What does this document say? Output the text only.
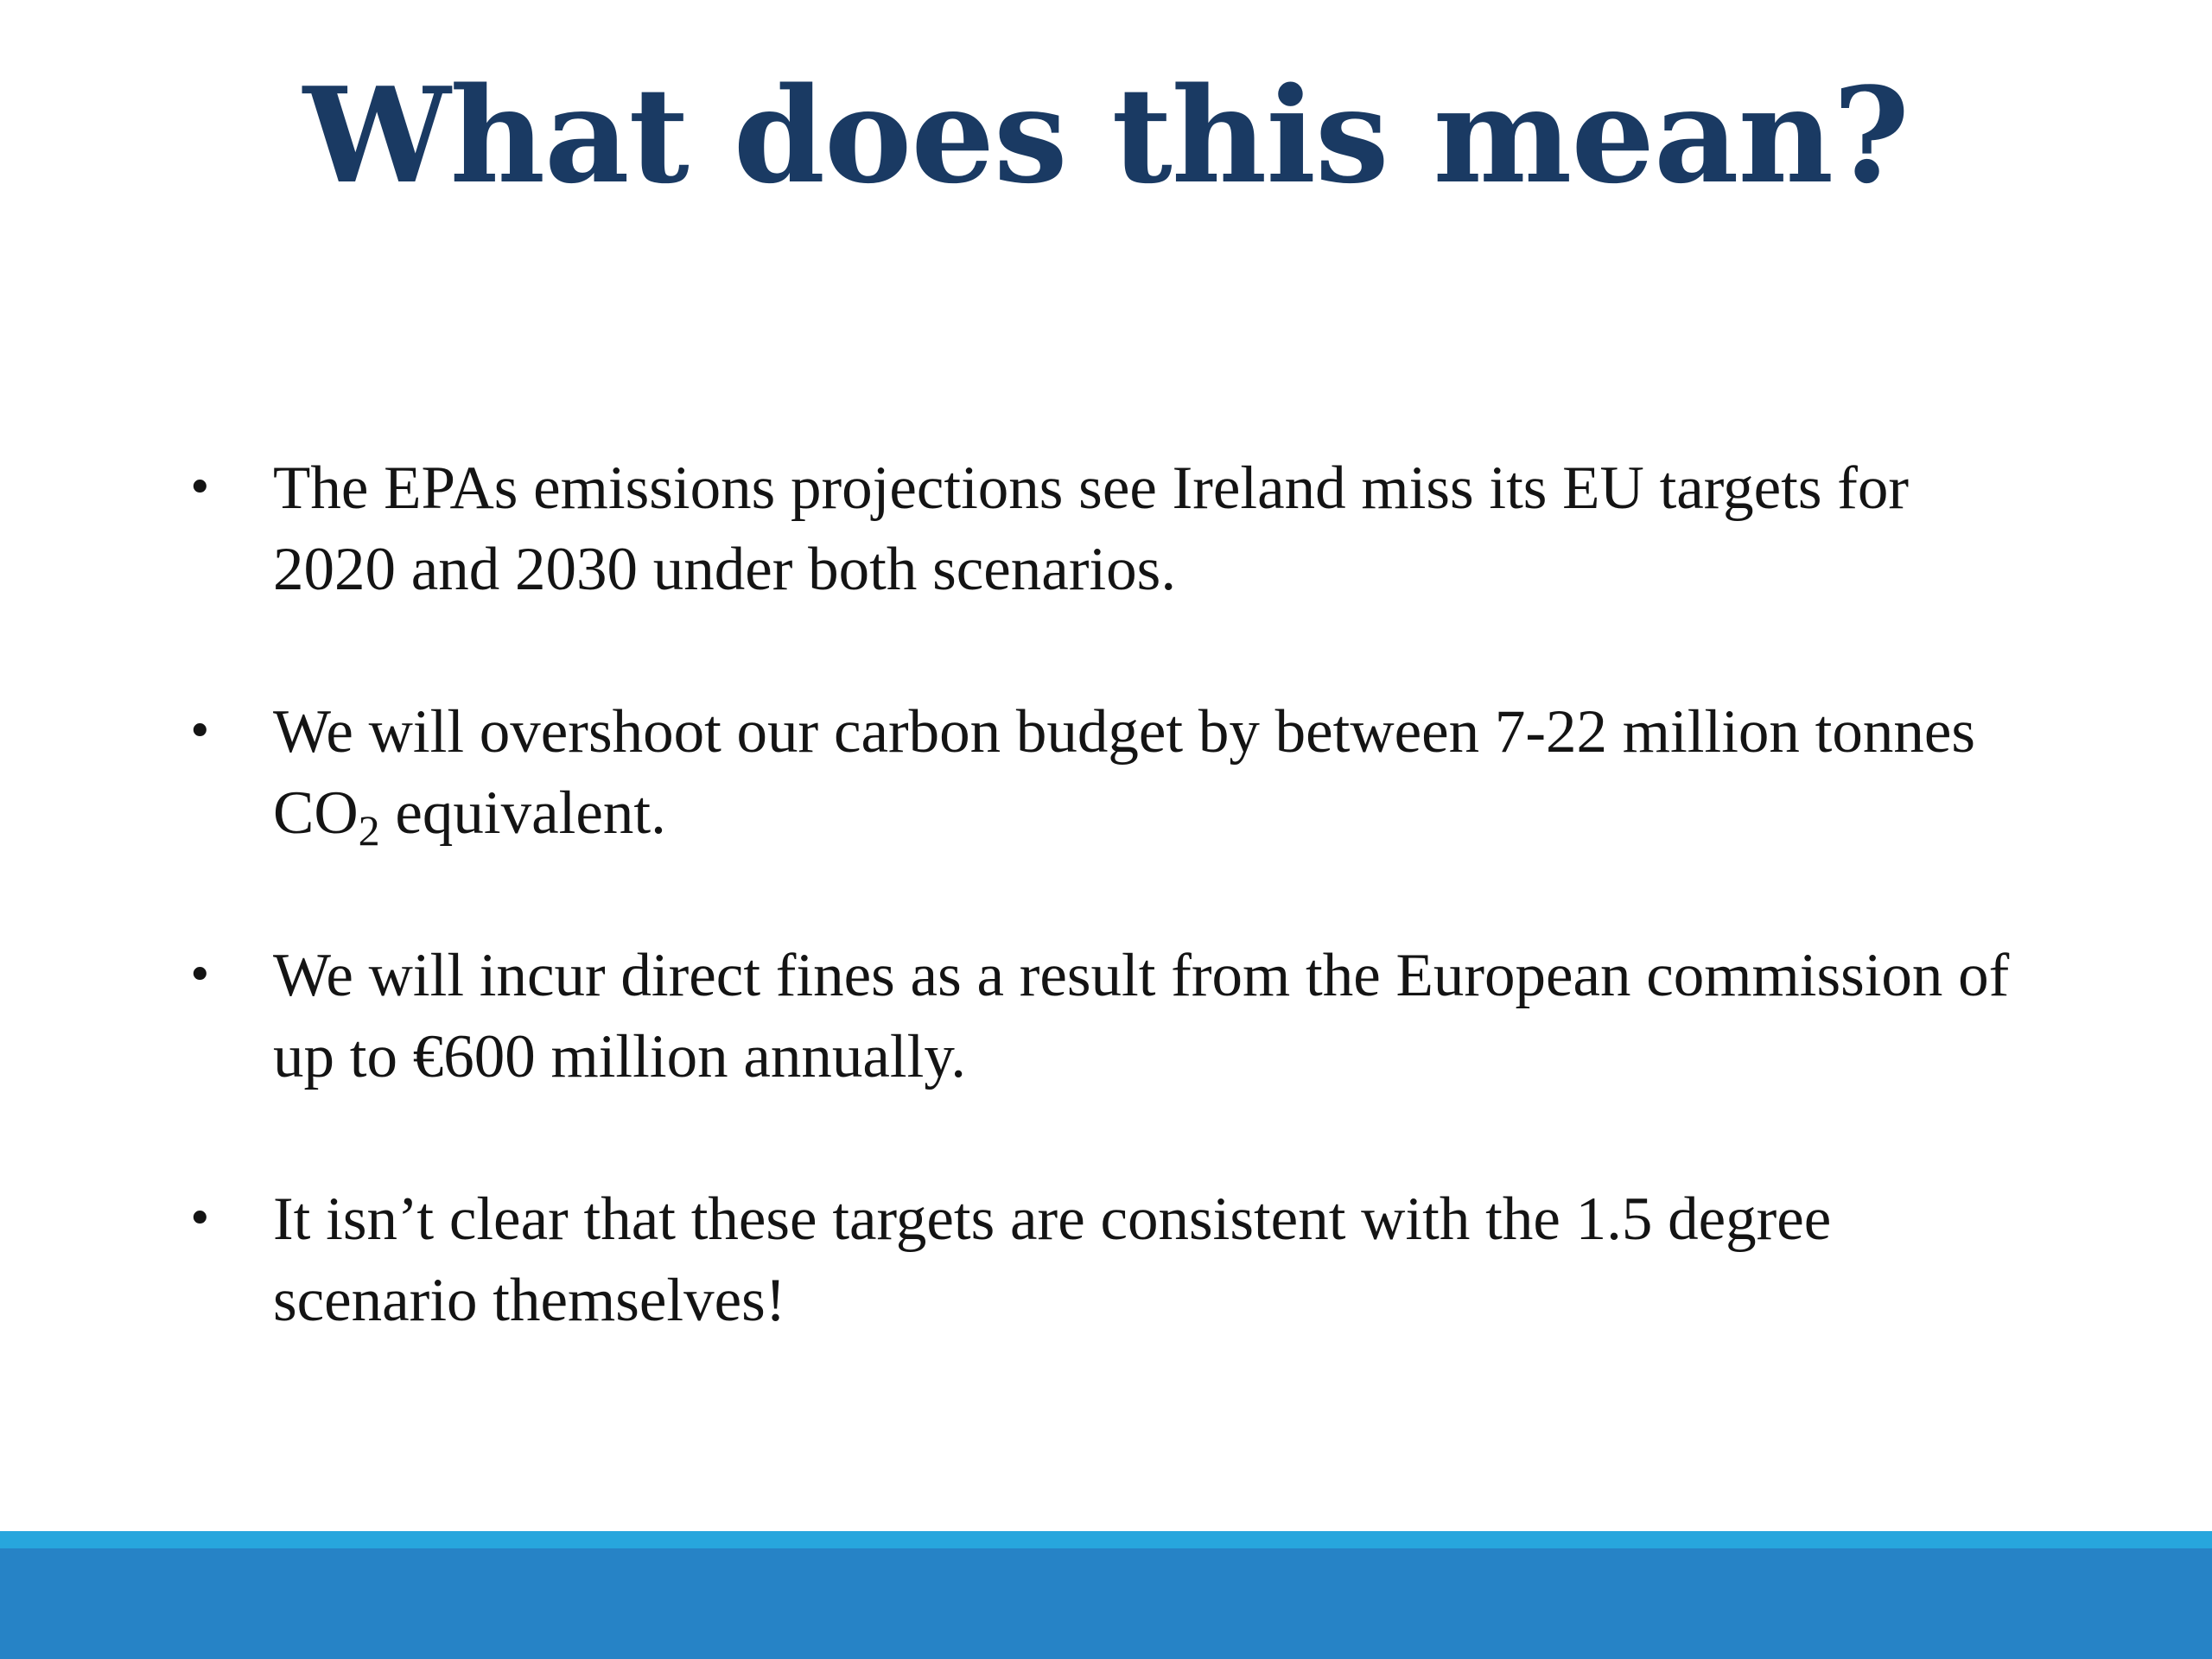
What does this mean?
• The EPAs emissions projections see Ireland miss its EU targets for 2020 and 2030 under both scenarios.

• We will overshoot our carbon budget by between 7-22 million tonnes $CO_2$ equivalent.

• We will incur direct fines as a result from the European commission of up to €600 million annually.

• It isn’t clear that these targets are consistent with the 1.5 degree scenario themselves!
